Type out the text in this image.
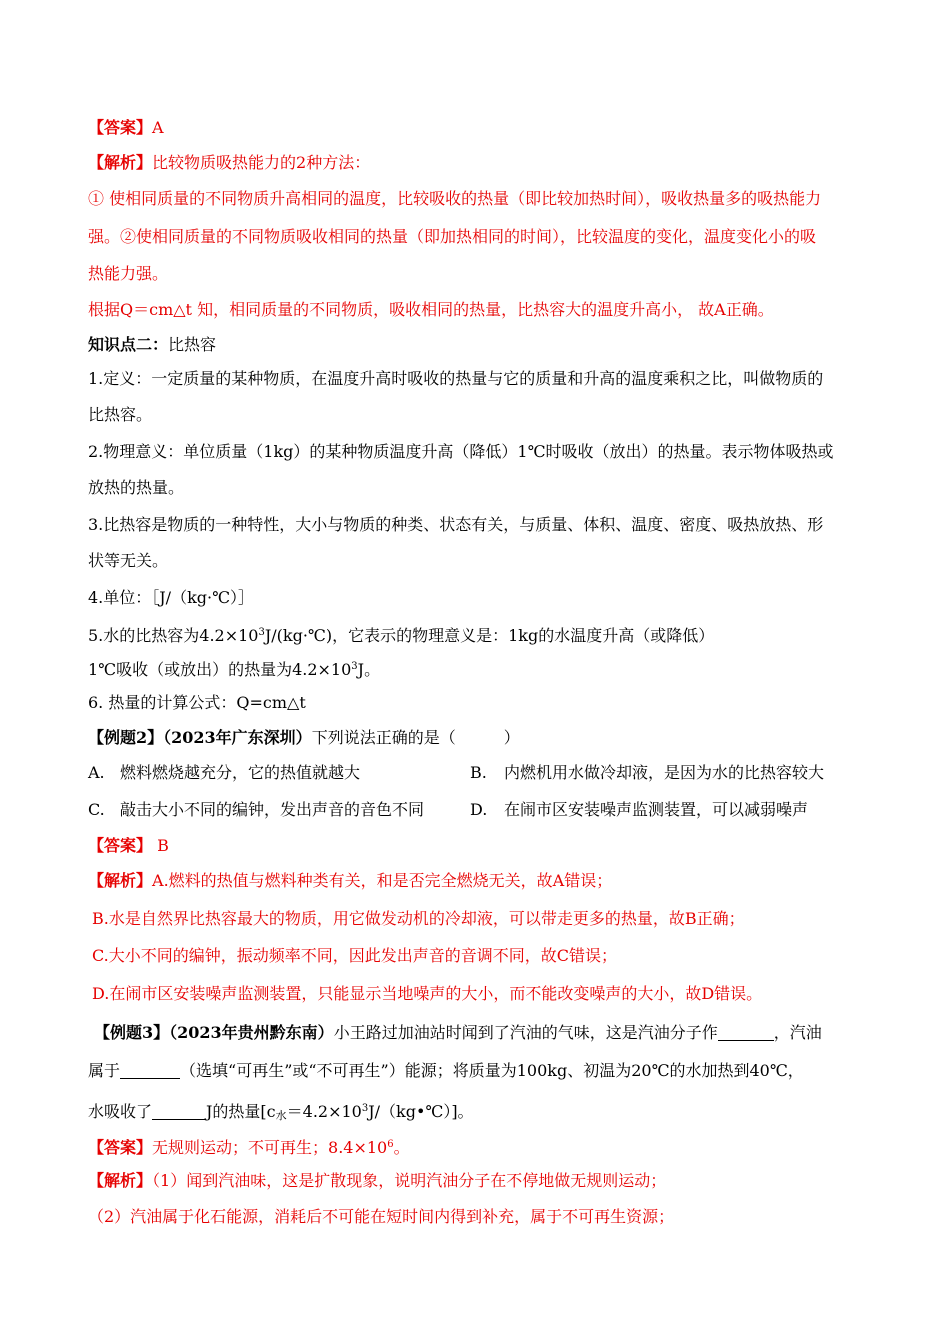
【答案】A
【解析】比较物质吸热能力的2种方法：
① 使相同质量的不同物质升高相同的温度，比较吸收的热量（即比较加热时间），吸收热量多的吸热能力
强。②使相同质量的不同物质吸收相同的热量（即加热相同的时间），比较温度的变化，温度变化小的吸
热能力强。
根据Q＝cm△t 知，相同质量的不同物质，吸收相同的热量，比热容大的温度升高小， 故A正确。
知识点二：比热容
1.定义：一定质量的某种物质，在温度升高时吸收的热量与它的质量和升高的温度乘积之比，叫做物质的
比热容。
2.物理意义：单位质量（1kg）的某种物质温度升高（降低）1℃时吸收（放出）的热量。表示物体吸热或
放热的热量。
3.比热容是物质的一种特性，大小与物质的种类、状态有关，与质量、体积、温度、密度、吸热放热、形
状等无关。
4.单位：［J/（kg·℃）］
5.水的比热容为$4.2\times 10^3J/(kg\cdot℃)$，它表示的物理意义是：1kg的水温度升高（或降低）
1℃吸收（或放出）的热量为$4.2\times 10^3J$。
6. 热量的计算公式：Q=cm△t
【例题2】（2023年广东深圳）下列说法正确的是（　　　）
A. 燃料燃烧越充分，它的热值就越大	B. 内燃机用水做冷却液，是因为水的比热容较大
C. 敲击大小不同的编钟，发出声音的音色不同	D. 在闹市区安装噪声监测装置，可以减弱噪声
【答案】 B
【解析】A.燃料的热值与燃料种类有关，和是否完全燃烧无关，故A错误；
B.水是自然界比热容最大的物质，用它做发动机的冷却液，可以带走更多的热量，故B正确；
C.大小不同的编钟，振动频率不同，因此发出声音的音调不同，故C错误；
D.在闹市区安装噪声监测装置，只能显示当地噪声的大小，而不能改变噪声的大小，故D错误。
【例题3】（2023年贵州黔东南）小王路过加油站时闻到了汽油的气味，这是汽油分子作	，汽油
属于	（选填“可再生”或“不可再生”）能源；将质量为100kg、初温为20℃的水加热到40℃，
水吸收了	J的热量[c水$=4.2\times 10^3J/(kg•℃)$]。
【答案】无规则运动；不可再生；$8.4\times 10^6$。
【解析】（1）闻到汽油味，这是扩散现象，说明汽油分子在不停地做无规则运动；
（2）汽油属于化石能源，消耗后不可能在短时间内得到补充，属于不可再生资源；
